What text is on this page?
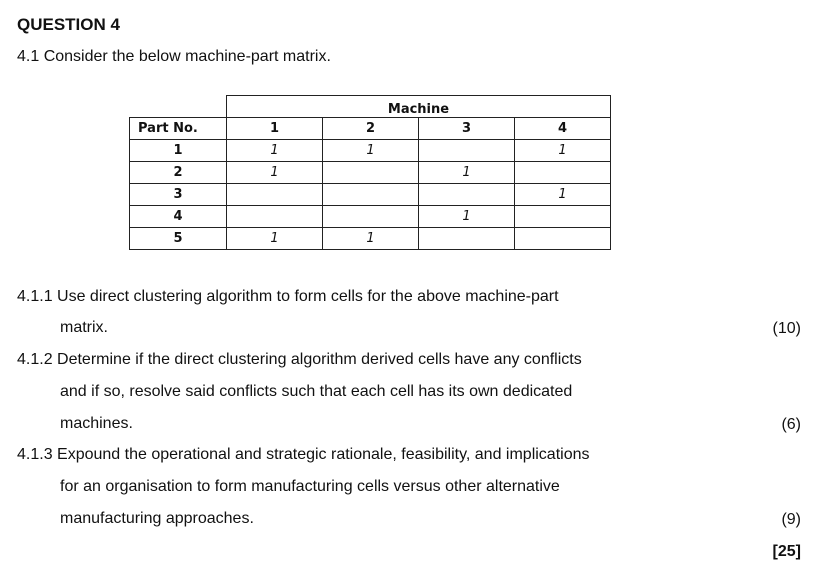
QUESTION 4
4.1 Consider the below machine-part matrix.
	Machine			
Part No.	1	2	3	4
1	1	1		1
2	1		1	
3				1
4			1	
5	1	1		
4.1.1 Use direct clustering algorithm to form cells for the above machine-part
matrix.	(10)
4.1.2 Determine if the direct clustering algorithm derived cells have any conflicts
and if so, resolve said conflicts such that each cell has its own dedicated
machines.	(6)
4.1.3 Expound the operational and strategic rationale, feasibility, and implications
for an organisation to form manufacturing cells versus other alternative
manufacturing approaches.	(9)
[25]
